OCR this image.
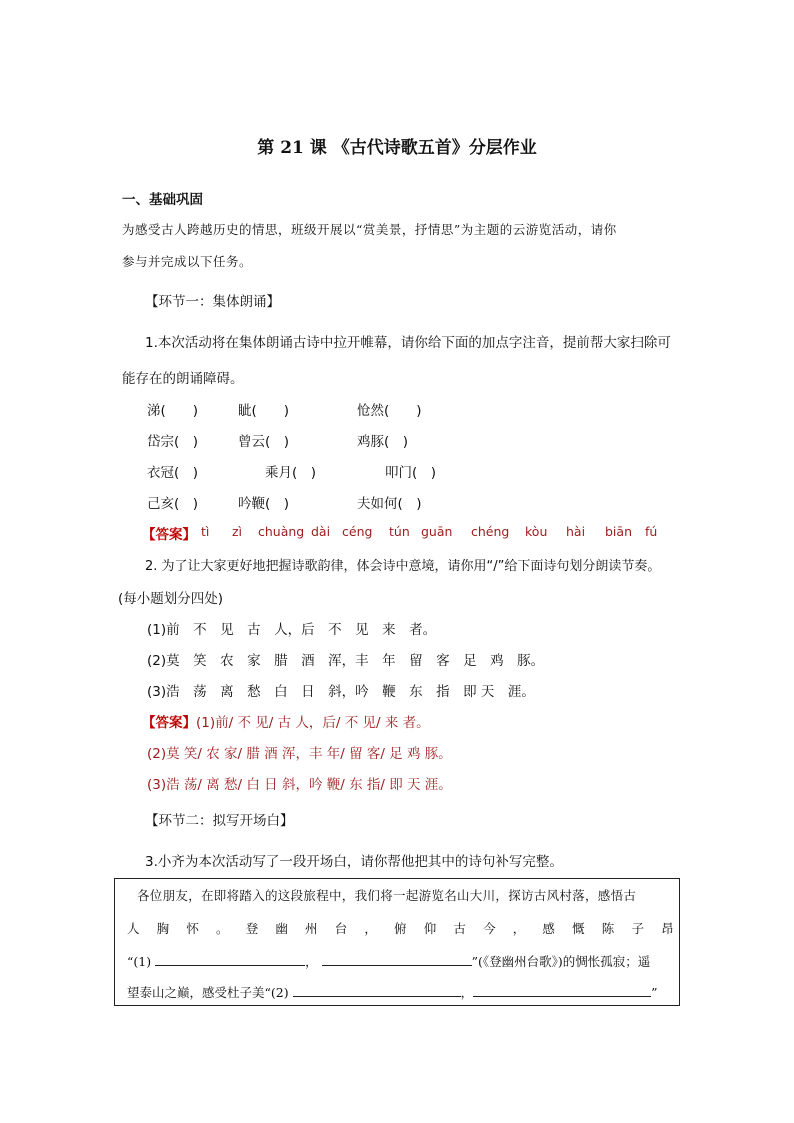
第 21 课 《古代诗歌五首》分层作业
一、基础巩固
为感受古人跨越历史的情思，班级开展以“赏美景，抒情思”为主题的云游览活动，请你
参与并完成以下任务。
【环节一：集体朗诵】
1.本次活动将在集体朗诵古诗中拉开帷幕，请你给下面的加点字注音，提前帮大家扫除可
能存在的朗诵障碍。
涕(　　)	眦(　　)	怆然(　　)
岱宗(　)	曾云(　)	鸡豚(　)
衣冠(　)	乘月(　)	叩门(　)
己亥(　)	吟鞭(　)	夫如何(　)
【答案】 tì zì chuàng dài céng tún guān chéng kòu hài biān fú
2. 为了让大家更好地把握诗歌韵律，体会诗中意境，请你用“/”给下面诗句划分朗读节奏。
(每小题划分四处)
(1)前　不　见　古　人，后　不　见　来　者。
(2)莫　笑　农　家　腊　酒　浑，丰　年　留　客　足　鸡　豚。
(3)浩　荡　离　愁　白　日　斜，吟　鞭　东　指　即 天　涯。
【答案】(1)前/ 不 见/ 古 人，后/ 不 见/ 来 者。
(2)莫 笑/ 农 家/ 腊 酒 浑，丰 年/ 留 客/ 足 鸡 豚。
(3)浩 荡/ 离 愁/ 白 日 斜，吟 鞭/ 东 指/ 即 天 涯。
【环节二：拟写开场白】
3.小齐为本次活动写了一段开场白，请你帮他把其中的诗句补写完整。
各位朋友，在即将踏入的这段旅程中，我们将一起游览名山大川，探访古风村落，感悟古
人 胸 怀 。 登 幽 州 台 ， 俯 仰 古 今 ， 感 慨 陈 子 昂
“(1)	，	”(《登幽州台歌》)的惆怅孤寂；遥
望泰山之巅，感受杜子美“(2)	，	”
